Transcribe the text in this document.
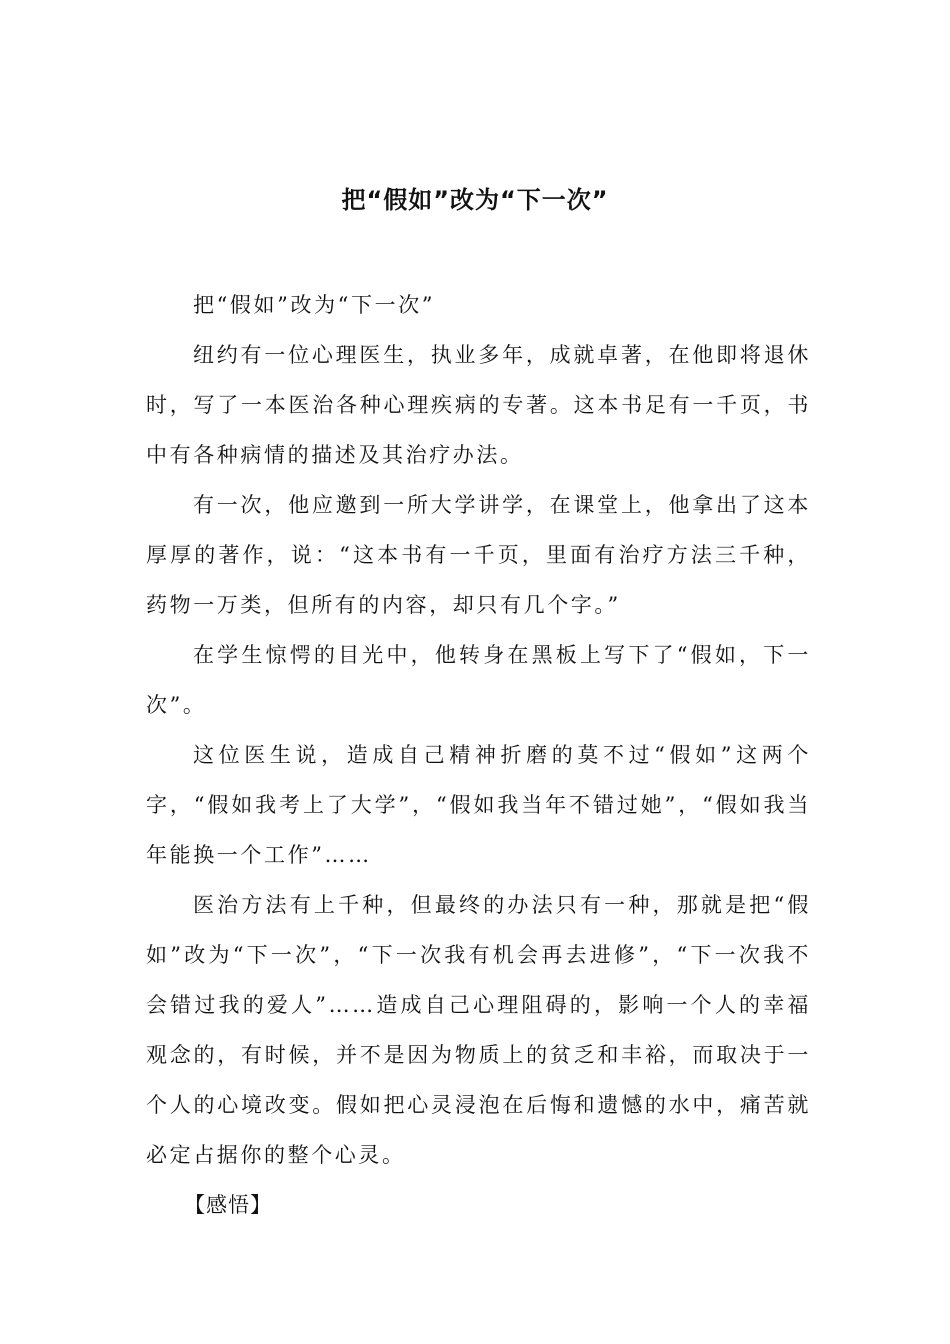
把“假如”改为“下一次”

把“假如”改为“下一次”

纽约有一位心理医生，执业多年，成就卓著，在他即将退休时，写了一本医治各种心理疾病的专著。这本书足有一千页，书中有各种病情的描述及其治疗办法。

有一次，他应邀到一所大学讲学，在课堂上，他拿出了这本厚厚的著作，说：“这本书有一千页，里面有治疗方法三千种，药物一万类，但所有的内容，却只有几个字。”

在学生惊愕的目光中，他转身在黑板上写下了“假如，下一次”。

这位医生说，造成自己精神折磨的莫不过“假如”这两个字，“假如我考上了大学”，“假如我当年不错过她”，“假如我当年能换一个工作”……

医治方法有上千种，但最终的办法只有一种，那就是把“假如”改为“下一次”，“下一次我有机会再去进修”，“下一次我不会错过我的爱人”……造成自己心理阻碍的，影响一个人的幸福观念的，有时候，并不是因为物质上的贫乏和丰裕，而取决于一个人的心境改变。假如把心灵浸泡在后悔和遗憾的水中，痛苦就必定占据你的整个心灵。

【感悟】
